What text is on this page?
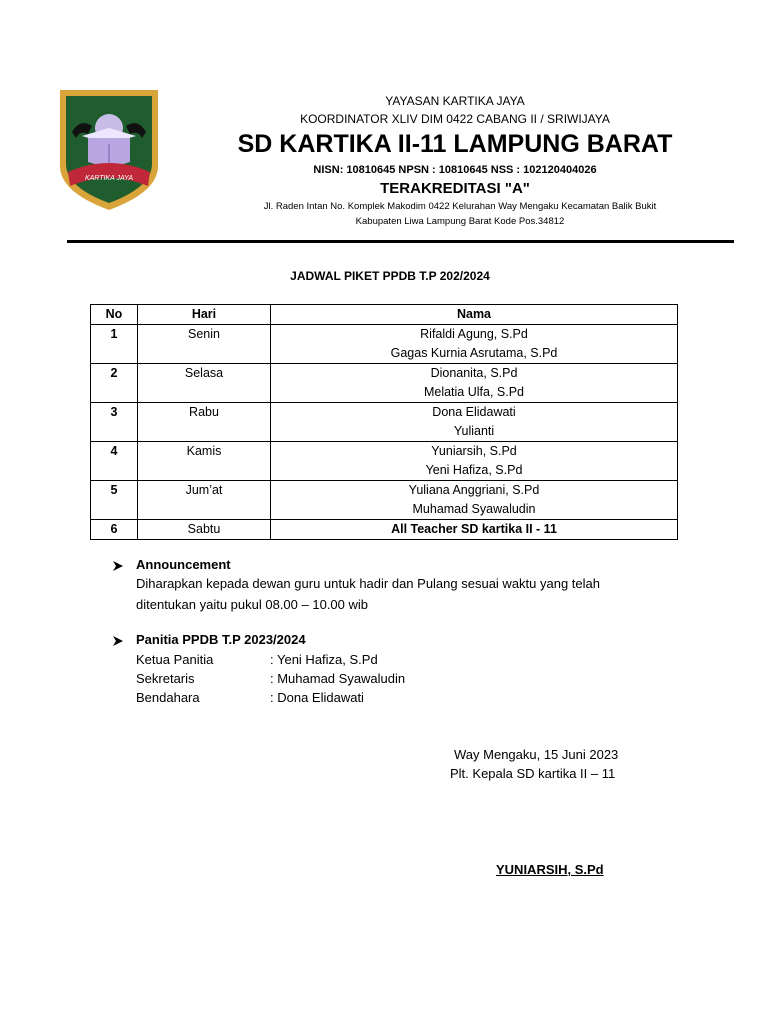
KARTIKA JAYA
YAYASAN KARTIKA JAYA
KOORDINATOR XLIV DIM 0422 CABANG II / SRIWIJAYA
SD KARTIKA II-11 LAMPUNG BARAT
NISN: 10810645 NPSN : 10810645 NSS : 102120404026
TERAKREDITASI "A"
Jl. Raden Intan No. Komplek Makodim 0422 Kelurahan Way Mengaku Kecamatan Balik Bukit
Kabupaten Liwa Lampung Barat Kode Pos.34812
JADWAL PIKET PPDB T.P 202/2024
No	Hari	Nama
1	Senin	Rifaldi Agung, S.Pd
Gagas Kurnia Asrutama, S.Pd

2	Selasa	Dionanita, S.Pd
Melatia Ulfa, S.Pd

3	Rabu	Dona Elidawati
Yulianti

4	Kamis	Yuniarsih, S.Pd
Yeni Hafiza, S.Pd

5	Jum’at	Yuliana Anggriani, S.Pd
Muhamad Syawaludin

6	Sabtu	All Teacher SD kartika II - 11
Announcement
Diharapkan kepada dewan guru untuk hadir dan Pulang sesuai waktu yang telah
ditentukan yaitu pukul 08.00 – 10.00 wib
Panitia PPDB T.P 2023/2024
Ketua Panitia	: Yeni Hafiza, S.Pd
Sekretaris	: Muhamad Syawaludin
Bendahara	: Dona Elidawati
Way Mengaku, 15 Juni 2023
Plt. Kepala SD kartika II – 11
YUNIARSIH, S.Pd
